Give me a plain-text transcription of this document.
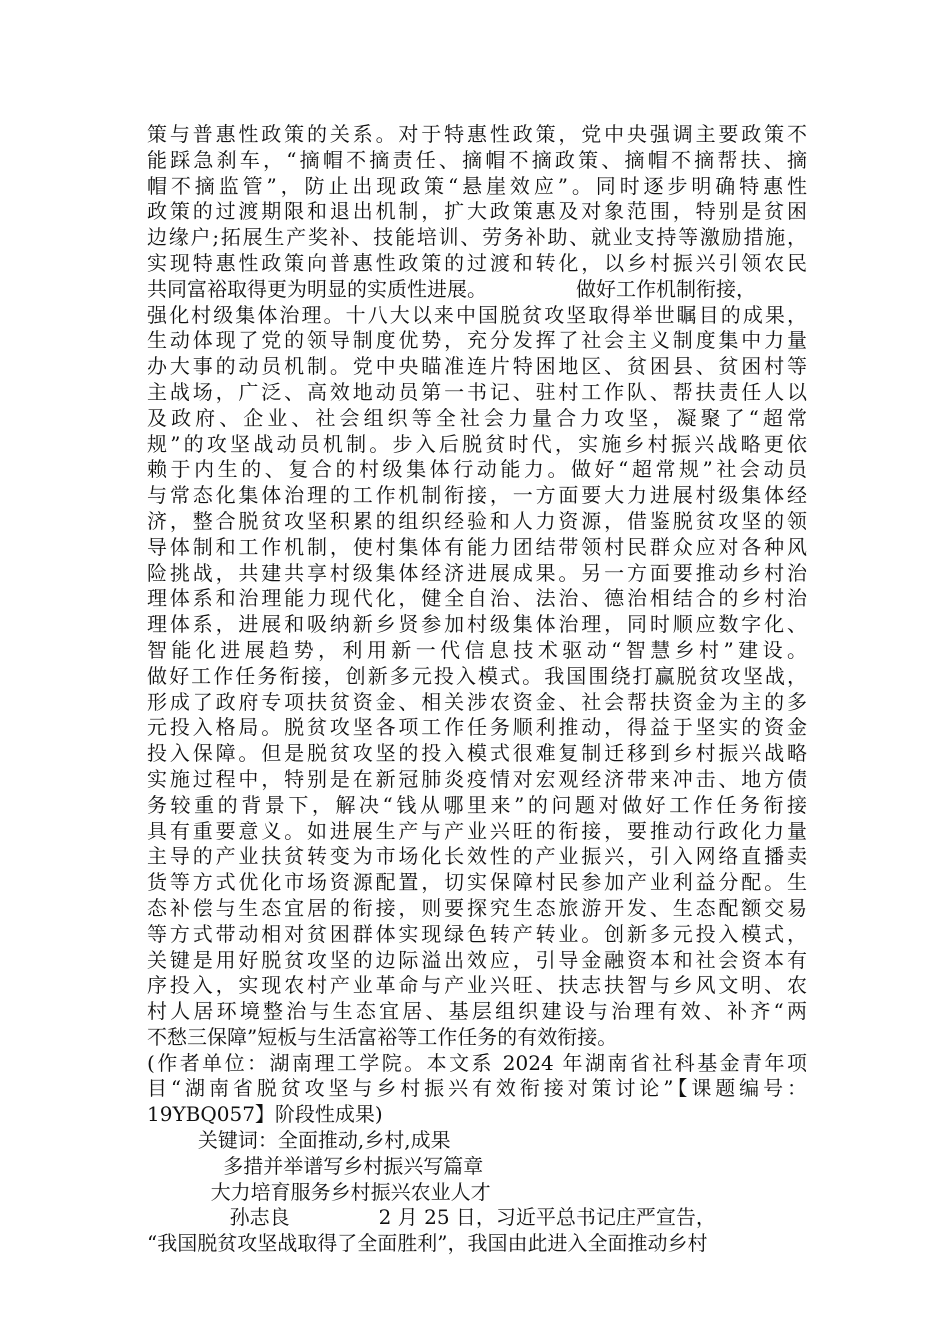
策与普惠性政策的关系。对于特惠性政策，党中央强调主要政策不
能踩急刹车，“摘帽不摘责任、摘帽不摘政策、摘帽不摘帮扶、摘
帽不摘监管”，防止出现政策“悬崖效应”。同时逐步明确特惠性
政策的过渡期限和退出机制，扩大政策惠及对象范围，特别是贫困
边缘户;拓展生产奖补、技能培训、劳务补助、就业支持等激励措施，
实现特惠性政策向普惠性政策的过渡和转化，以乡村振兴引领农民
共同富裕取得更为明显的实质性进展。              做好工作机制衔接，
强化村级集体治理。十八大以来中国脱贫攻坚取得举世瞩目的成果，
生动体现了党的领导制度优势，充分发挥了社会主义制度集中力量
办大事的动员机制。党中央瞄准连片特困地区、贫困县、贫困村等
主战场，广泛、高效地动员第一书记、驻村工作队、帮扶责任人以
及政府、企业、社会组织等全社会力量合力攻坚，凝聚了“超常
规”的攻坚战动员机制。步入后脱贫时代，实施乡村振兴战略更依
赖于内生的、复合的村级集体行动能力。做好“超常规”社会动员
与常态化集体治理的工作机制衔接，一方面要大力进展村级集体经
济，整合脱贫攻坚积累的组织经验和人力资源，借鉴脱贫攻坚的领
导体制和工作机制，使村集体有能力团结带领村民群众应对各种风
险挑战，共建共享村级集体经济进展成果。另一方面要推动乡村治
理体系和治理能力现代化，健全自治、法治、德治相结合的乡村治
理体系，进展和吸纳新乡贤参加村级集体治理，同时顺应数字化、
智能化进展趋势，利用新一代信息技术驱动“智慧乡村”建设。
做好工作任务衔接，创新多元投入模式。我国围绕打赢脱贫攻坚战，
形成了政府专项扶贫资金、相关涉农资金、社会帮扶资金为主的多
元投入格局。脱贫攻坚各项工作任务顺利推动，得益于坚实的资金
投入保障。但是脱贫攻坚的投入模式很难复制迁移到乡村振兴战略
实施过程中，特别是在新冠肺炎疫情对宏观经济带来冲击、地方债
务较重的背景下，解决“钱从哪里来”的问题对做好工作任务衔接
具有重要意义。如进展生产与产业兴旺的衔接，要推动行政化力量
主导的产业扶贫转变为市场化长效性的产业振兴，引入网络直播卖
货等方式优化市场资源配置，切实保障村民参加产业利益分配。生
态补偿与生态宜居的衔接，则要探究生态旅游开发、生态配额交易
等方式带动相对贫困群体实现绿色转产转业。创新多元投入模式，
关键是用好脱贫攻坚的边际溢出效应，引导金融资本和社会资本有
序投入，实现农村产业革命与产业兴旺、扶志扶智与乡风文明、农
村人居环境整治与生态宜居、基层组织建设与治理有效、补齐“两
不愁三保障”短板与生活富裕等工作任务的有效衔接。
(作者单位：湖南理工学院。本文系 2024 年湖南省社科基金青年项
目“湖南省脱贫攻坚与乡村振兴有效衔接对策讨论”【课题编号：
19YBQ057】阶段性成果)
关键词：全面推动,乡村,成果
多措并举谱写乡村振兴写篇章
大力培育服务乡村振兴农业人才
孙志良              2 月 25 日，习近平总书记庄严宣告，
“我国脱贫攻坚战取得了全面胜利”，我国由此进入全面推动乡村
